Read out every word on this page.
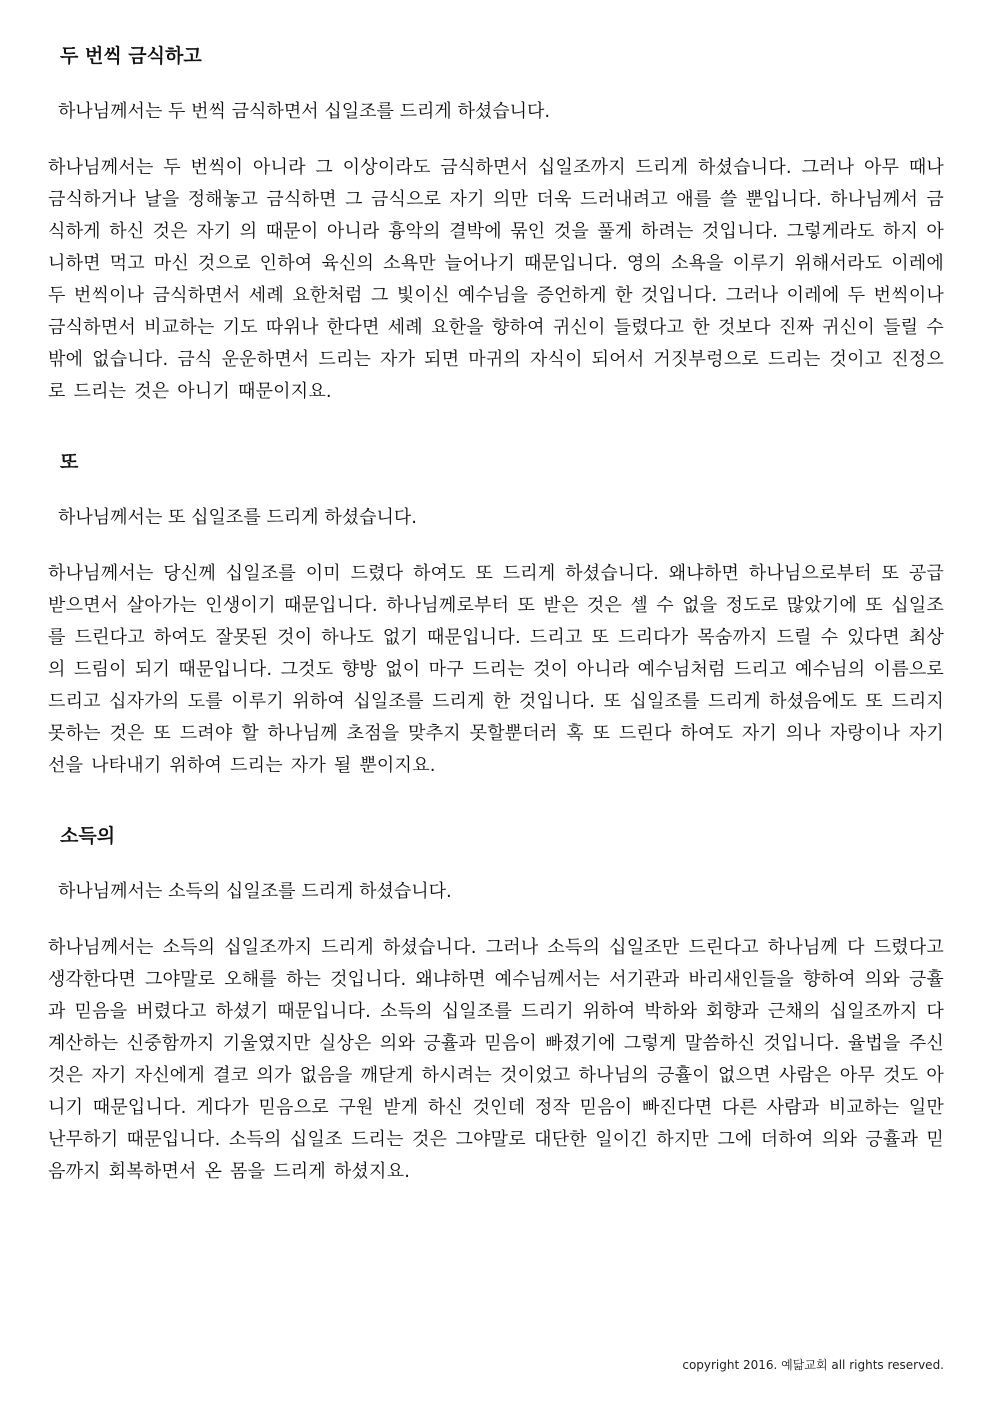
두 번씩 금식하고
하나님께서는 두 번씩 금식하면서 십일조를 드리게 하셨습니다.
하나님께서는 두 번씩이 아니라 그 이상이라도 금식하면서 십일조까지 드리게 하셨습니다. 그러나 아무 때나 금식하거나 날을 정해놓고 금식하면 그 금식으로 자기 의만 더욱 드러내려고 애를 쓸 뿐입니다. 하나님께서 금식하게 하신 것은 자기 의 때문이 아니라 흉악의 결박에 묶인 것을 풀게 하려는 것입니다. 그렇게라도 하지 아니하면 먹고 마신 것으로 인하여 육신의 소욕만 늘어나기 때문입니다. 영의 소욕을 이루기 위해서라도 이레에 두 번씩이나 금식하면서 세례 요한처럼 그 빛이신 예수님을 증언하게 한 것입니다. 그러나 이레에 두 번씩이나 금식하면서 비교하는 기도 따위나 한다면 세례 요한을 향하여 귀신이 들렸다고 한 것보다 진짜 귀신이 들릴 수밖에 없습니다. 금식 운운하면서 드리는 자가 되면 마귀의 자식이 되어서 거짓부렁으로 드리는 것이고 진정으로 드리는 것은 아니기 때문이지요.
또
하나님께서는 또 십일조를 드리게 하셨습니다.
하나님께서는 당신께 십일조를 이미 드렸다 하여도 또 드리게 하셨습니다. 왜냐하면 하나님으로부터 또 공급 받으면서 살아가는 인생이기 때문입니다. 하나님께로부터 또 받은 것은 셀 수 없을 정도로 많았기에 또 십일조를 드린다고 하여도 잘못된 것이 하나도 없기 때문입니다. 드리고 또 드리다가 목숨까지 드릴 수 있다면 최상의 드림이 되기 때문입니다. 그것도 향방 없이 마구 드리는 것이 아니라 예수님처럼 드리고 예수님의 이름으로 드리고 십자가의 도를 이루기 위하여 십일조를 드리게 한 것입니다. 또 십일조를 드리게 하셨음에도 또 드리지 못하는 것은 또 드려야 할 하나님께 초점을 맞추지 못할뿐더러 혹 또 드린다 하여도 자기 의나 자랑이나 자기 선을 나타내기 위하여 드리는 자가 될 뿐이지요.
소득의
하나님께서는 소득의 십일조를 드리게 하셨습니다.
하나님께서는 소득의 십일조까지 드리게 하셨습니다. 그러나 소득의 십일조만 드린다고 하나님께 다 드렸다고 생각한다면 그야말로 오해를 하는 것입니다. 왜냐하면 예수님께서는 서기관과 바리새인들을 향하여 의와 긍휼과 믿음을 버렸다고 하셨기 때문입니다. 소득의 십일조를 드리기 위하여 박하와 회향과 근채의 십일조까지 다 계산하는 신중함까지 기울였지만 실상은 의와 긍휼과 믿음이 빠졌기에 그렇게 말씀하신 것입니다. 율법을 주신 것은 자기 자신에게 결코 의가 없음을 깨닫게 하시려는 것이었고 하나님의 긍휼이 없으면 사람은 아무 것도 아니기 때문입니다. 게다가 믿음으로 구원 받게 하신 것인데 정작 믿음이 빠진다면 다른 사람과 비교하는 일만 난무하기 때문입니다. 소득의 십일조 드리는 것은 그야말로 대단한 일이긴 하지만 그에 더하여 의와 긍휼과 믿음까지 회복하면서 온 몸을 드리게 하셨지요.
copyright 2016. 예닮교회 all rights reserved.
